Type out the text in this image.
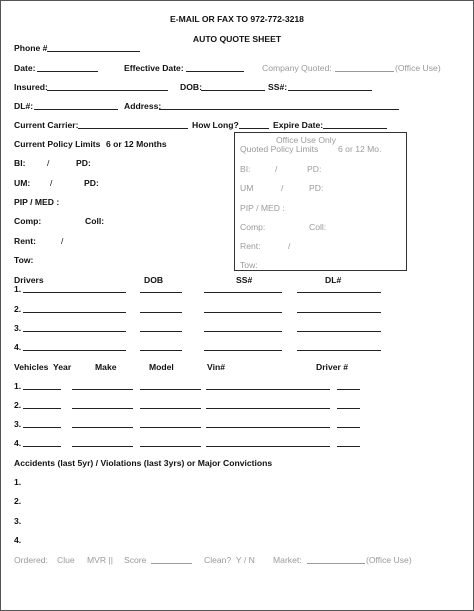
E-MAIL OR FAX TO 972-772-3218
AUTO QUOTE SHEET
Phone #
Date:	Effective Date:	Company Quoted:	(Office Use)
Insured:	DOB:	SS#:
DL#:	Address:
Current Carrier:	How Long?	Expire Date:
Current Policy Limits 6 or 12 Months
BI:	/	PD:
UM: /	PD:
PIP / MED :
Comp:	Coll:
Rent:	/
Tow:
Office Use Only
Quoted Policy Limits 6 or 12 Mo.
BI:	/	PD:
UM	/	PD:
PIP / MED :
Comp:	Coll:
Rent:	/
Tow:
Drivers	DOB	SS#	DL#
1.
2.
3.
4.
Vehicles Year	Make	Model	Vin#	Driver #
1.
2.
3.
4.
Accidents (last 5yr) / Violations (last 3yrs) or Major Convictions
1.
2.
3.
4.
Ordered: Clue MVR || Score	Clean?  Y / N Market:	(Office Use)
